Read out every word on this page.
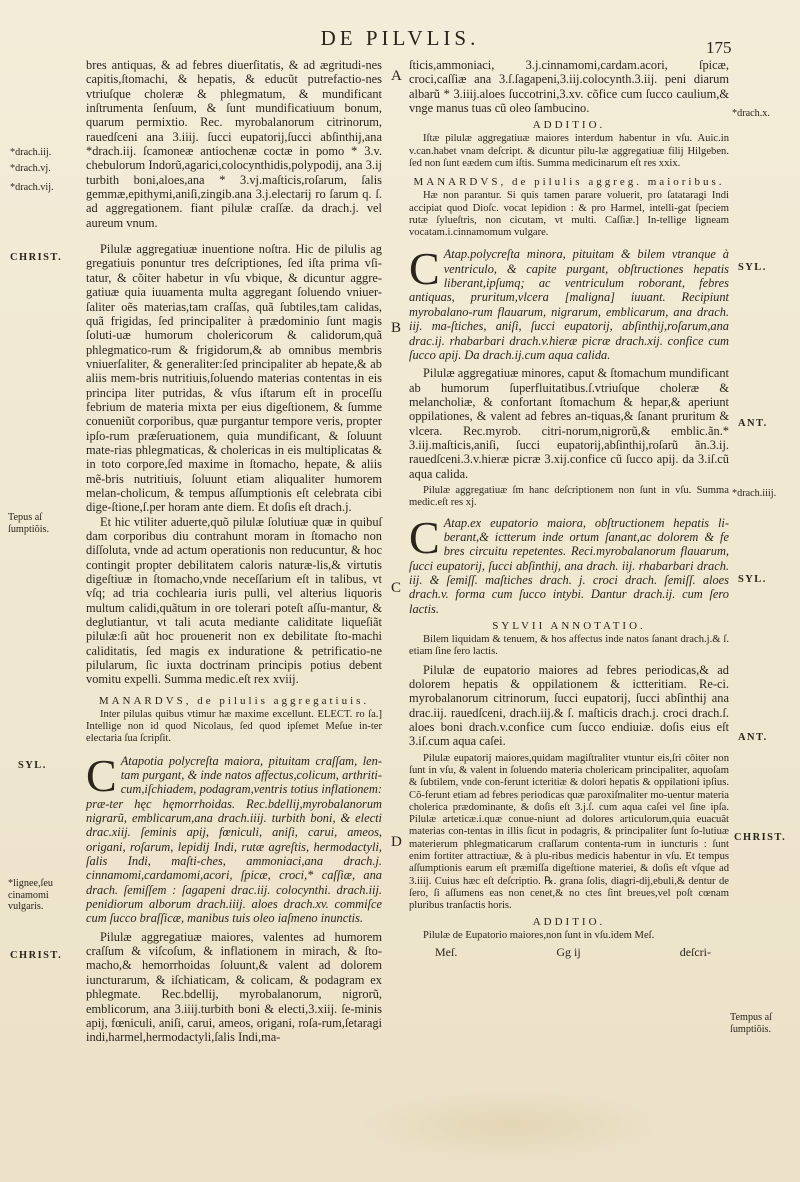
DE PILVLIS.	175
A
B
C
D
*drach.iij.
*drach.vj.
*drach.vij.
CHRIST.
Tepus aſ ſumptiõis.
SYL.
*lignee,ſeu cinamomi vulgaris.
CHRIST.
*drach.x.
SYL.
ANT.
*drach.iiij.
SYL.
ANT.
CHRIST.
Tempus aſ ſumptiõis.

bres antiquas, & ad febres diuerſitatis, & ad ægritudi-nes capitis,ſtomachi, & hepatis, & educũt putrefactio-nes vtriuſque choleræ & phlegmatum, & mundificant inſtrumenta ſenſuum, & ſunt mundificatiuum bonum, quarum permixtio. Rec. myrobalanorum citrinorum, rauedſceni ana 3.iiij. ſucci eupatorij,ſucci abſinthij,ana *drach.iij. ſcamoneæ antiochenæ coctæ in pomo * 3.v. chebulorum Indorũ,agarici,colocynthidis,polypodij, ana 3.ij turbith boni,aloes,ana * 3.vj.maſticis,roſarum, ſalis gemmæ,epithymi,aniſi,zingib.ana 3.j.electarij ro ſarum q. ſ. ad aggregationem. fiant pilulæ craſſæ. da drach.j. vel aureum vnum.

Pilulæ aggregatiuæ inuentione noſtra. Hic de pilulis ag gregatiuis ponuntur tres deſcriptiones, ſed iſta prima vſi-tatur, & cõiter habetur in vſu vbique, & dicuntur aggre-gatiuæ quia iuuamenta multa aggregant ſoluendo vniuer-ſaliter oẽs materias,tam craſſas, quã ſubtiles,tam calidas, quã frigidas, ſed principaliter à prædominio ſunt magis ſoluti-uæ humorum cholericorum & calidorum,quã phlegmatico-rum & frigidorum,& ab omnibus membris vniuerſaliter, & generaliter:ſed principaliter ab hepate,& ab aliis mem-bris nutritiuis,ſoluendo materias contentas in eis principa liter putridas, & vſus iſtarum eſt in proceſſu febrium de materia mixta per eius digeſtionem, & ſumme conueniũt corporibus, quæ purgantur tempore veris, propter ipſo-rum præſeruationem, quia mundificant, & ſoluunt mate-rias phlegmaticas, & cholericas in eis multiplicatas & in toto corpore,ſed maxime in ſtomacho, hepate, & aliis mẽ-bris nutritiuis, ſoluunt etiam aliqualiter humorem melan-cholicum, & tempus aſſumptionis eſt celebrata cibi dige-ſtione,ſ.per horam ante diem. Et doſis eſt drach.j.

Et hic vtiliter aduerte,quõ pilulæ ſolutiuæ quæ in quibuſ dam corporibus diu contrahunt moram in ſtomacho non diſſoluta, vnde ad actum operationis non reducuntur, & hoc contingit propter debilitatem caloris naturæ-lis,& virtutis digeſtiuæ in ſtomacho,vnde neceſſarium eſt in talibus, vt vſq; ad tria cochlearia iuris pulli, vel alterius liquoris multum calidi,quãtum in ore tolerari poteſt aſſu-mantur, & deglutiantur, vt tali acuta mediante caliditate liqueſiãt pilulæ:ſi aũt hoc prouenerit non ex debilitate ſto-machi caliditatis, ſed magis ex induratione & petrificatio-ne pilularum, ſic iuxta doctrinam principis potius debent vomitu expelli. Summa medic.eſt rex xviij.

MANARDVS, de pilulis aggregatiuis.

Inter pilulas quibus vtimur hæ maxime excellunt. ELECT. ro ſa.] Intellige non id quod Nicolaus, ſed quod ipſemet Meſue in-ter electaria ſua ſcripſit.

C Atapotia polycreſta maiora, pituitam craſſam, len-tam purgant, & inde natos affectus,colicum, arthriti-cum,iſchiadem, podagram,ventris totius inflationem: præ-ter hęc hęmorrhoidas. Rec.bdellij,myrobalanorum nigrarũ, emblicarum,ana drach.iiij. turbith boni, & electi drac.xiij. ſeminis apij, fœniculi, aniſi, carui, ameos, origani, roſarum, lepidij Indi, rutæ agreſtis, hermodactyli, ſalis Indi, maſti-ches, ammoniaci,ana drach.j. cinnamomi,cardamomi,acori, ſpicæ, croci,* caſſiæ, ana drach. ſemiſſem : ſagapeni drac.iij. colocynthi. drach.iij. penidiorum alborum drach.iiij. aloes drach.xv. commiſce cum ſucco braſſicæ, manibus tuis oleo iaſmeno inunctis.

Pilulæ aggregatiuæ maiores, valentes ad humorem craſſum & viſcoſum, & inflationem in mirach, & ſto-macho,& hemorrhoidas ſoluunt,& valent ad dolorem iuncturarum, & iſchiaticam, & colicam, & podagram ex phlegmate. Rec.bdellij, myrobalanorum, nigrorũ, emblicorum, ana 3.iiij.turbith boni & electi,3.xiij. ſe-minis apij, fœniculi, aniſi, carui, ameos, origani, roſa-rum,ſetaragi indi,harmel,hermodactyli,ſalis Indi,ma-

ſticis,ammoniaci, 3.j.cinnamomi,cardam.acori, ſpicæ, croci,caſſiæ ana 3.ſ.ſagapeni,3.iij.colocynth.3.iij. peni diarum albarũ * 3.iiij.aloes ſuccotrini,3.xv. cõfice cum ſucco caulium,& vnge manus tuas cũ oleo ſambucino.

ADDITIO.

Iſtæ pilulæ aggregatiuæ maiores interdum habentur in vſu. Auic.in v.can.habet vnam deſcript. & dicuntur pilu-læ aggregatiuæ filij Hilgeben. ſed non ſunt eædem cum iſtis. Summa medicinarum eſt res xxix.

MANARDVS, de pilulis aggreg. maioribus.

Hæ non parantur. Si quis tamen parare voluerit, pro ſatataragi Indi accipiat quod Dioſc. vocat lepidion : & pro Harmel, intelli-gat ſpeciem rutæ ſylueſtris, non cicutam, vt multi. Caſſiæ.] In-tellige ligneam vocatam.i.cinnamomum vulgare.

C Atap.polycreſta minora, pituitam & bilem vtranque à ventriculo, & capite purgant, obſtructiones hepatis liberant,ipſumq; ac ventriculum roborant, febres antiquas, pruritum,vlcera [maligna] iuuant. Recipiunt myrobalano-rum flauarum, nigrarum, emblicarum, ana drach. iij. ma-ſtiches, aniſi, ſucci eupatorij, abſinthij,roſarum,ana drac.ij. rhabarbari drach.v.hieræ picræ drach.xij. confice cum ſucco apij. Da drach.ij.cum aqua calida.

Pilulæ aggregatiuæ minores, caput & ſtomachum mundificant ab humorum ſuperfluitatibus.ſ.vtriuſque choleræ & melancholiæ, & confortant ſtomachum & hepar,& aperiunt oppilationes, & valent ad febres an-tiquas,& ſanant pruritum & vlcera. Rec.myrob. citri-norum,nigrorũ,& emblic.ãn.* 3.iij.maſticis,aniſi, ſucci eupatorij,abſinthij,roſarũ ãn.3.ij. rauedſceni.3.v.hieræ picræ 3.xij.confice cũ ſucco apij. da 3.iſ.cũ aqua calida.

Pilulæ aggregatiuæ ſm hanc deſcriptionem non ſunt in vſu. Summa medic.eſt res xj.

C Atap.ex eupatorio maiora, obſtructionem hepatis li-berant,& ictterum inde ortum ſanant,ac dolorem & fe bres circuitu repetentes. Reci.myrobalanorum flauarum, ſucci eupatorij, ſucci abſinthij, ana drach. iij. rhabarbari drach. iij. & ſemiſſ. maſtiches drach. j. croci drach. ſemiſſ. aloes drach.v. forma cum ſucco intybi. Dantur drach.ij. cum ſero lactis.

SYLVII ANNOTATIO.

Bilem liquidam & tenuem, & hos affectus inde natos ſanant drach.j.& ſ. etiam ſine ſero lactis.

Pilulæ de eupatorio maiores ad febres periodicas,& ad dolorem hepatis & oppilationem & ictteritiam. Re-ci. myrobalanorum citrinorum, ſucci eupatorij, ſucci abſinthij ana drac.iij. rauedſceni, drach.iij.& ſ. maſticis drach.j. croci drach.ſ. aloes boni drach.v.confice cum ſucco endiuiæ. doſis eius eſt 3.iſ.cum aqua caſei.

Pilulæ eupatorij maiores,quidam magiſtraliter vtuntur eis,ſri cõiter non ſunt in vſu, & valent in ſoluendo materia cholericam principaliter, aquoſam & ſubtilem, vnde con-ferunt icteritiæ & dolori hepatis & oppilationi ipſius. Cõ-ferunt etiam ad febres periodicas quæ paroxiſmaliter mo-uentur materia cholerica prædominante, & doſis eſt 3.j.ſ. cum aqua caſei vel ſine ipſa. Pilulæ arteticæ.i.quæ conue-niunt ad dolores articulorum,quia euacuãt materias con-tentas in illis ſicut in podagris, & principaliter ſunt ſo-lutiuæ materierum phlegmaticarum craſſarum contenta-rum in iuncturis : ſunt enim fortiter attractiuæ, & à plu-ribus medicis habentur in vſu. Et tempus aſſumptionis earum eſt præmiſſa digeſtione materiei, & doſis eſt vſque ad 3.iiij. Cuius hæc eſt deſcriptio. ℞. grana ſolis, diagri-dij,ebuli,& dentur de ſero, ſi aſſumens eas non cenet,& no ctes ſint breues,vel poſt cœnam pluribus tranſactis horis.

ADDITIO.

Pilulæ de Eupatorio maiores,non ſunt in vſu.idem Meſ.

Meſ.	Gg ij	deſcri-
